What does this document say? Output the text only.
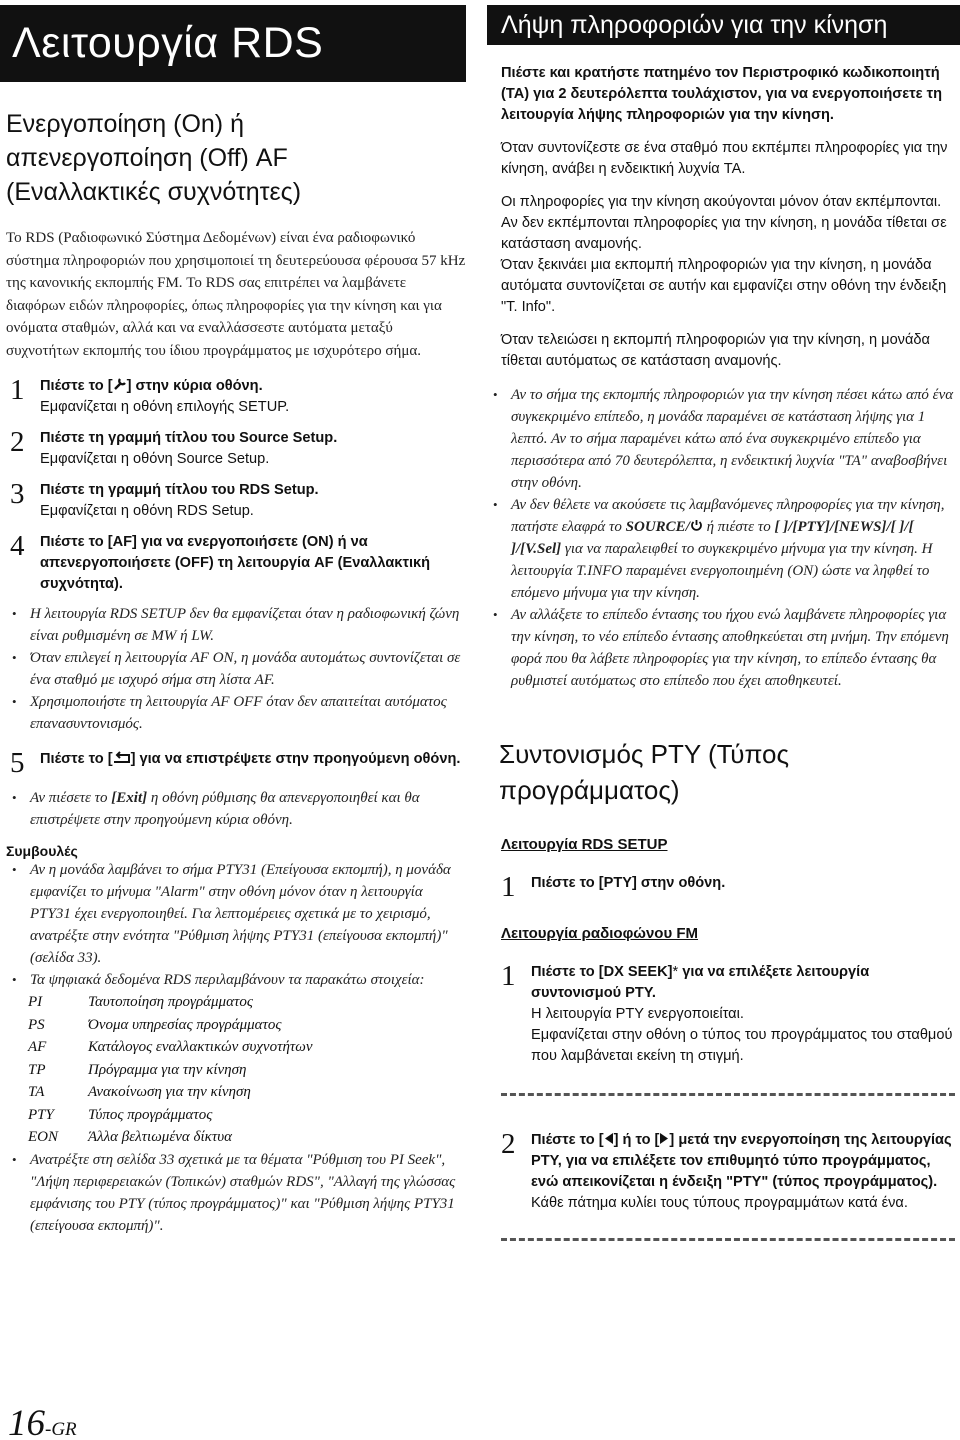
Λειτουργία RDS
Ενεργοποίηση (On) ή
απενεργοποίηση (Off) AF
(Εναλλακτικές συχνότητες)

Το RDS (Ραδιοφωνικό Σύστημα Δεδομένων) είναι ένα ραδιοφωνικό σύστημα πληροφοριών που χρησιμοποιεί τη δευτερεύουσα φέρουσα 57 kHz της κανονικής εκπομπής FM. Το RDS σας επιτρέπει να λαμβάνετε διαφόρων ειδών πληροφορίες, όπως πληροφορίες για την κίνηση και για ονόματα σταθμών, αλλά και να εναλλάσσεστε αυτόματα μεταξύ συχνοτήτων εκπομπής του ίδιου προγράμματος με ισχυρότερο σήμα.

1	Πιέστε το [ ] στην κύρια οθόνη.
Εμφανίζεται η οθόνη επιλογής SETUP.
2	Πιέστε τη γραμμή τίτλου του Source Setup.
Εμφανίζεται η οθόνη Source Setup.
3	Πιέστε τη γραμμή τίτλου του RDS Setup.
Εμφανίζεται η οθόνη RDS Setup.
4	Πιέστε το [AF] για να ενεργοποιήσετε (ON) ή να απενεργοποιήσετε (OFF) τη λειτουργία AF (Εναλλακτική συχνότητα).
• Η λειτουργία RDS SETUP δεν θα εμφανίζεται όταν η ραδιοφωνική ζώνη είναι ρυθμισμένη σε MW ή LW.
• Όταν επιλεγεί η λειτουργία AF ON, η μονάδα αυτομάτως συντονίζεται σε ένα σταθμό με ισχυρό σήμα στη λίστα AF.
• Χρησιμοποιήστε τη λειτουργία AF OFF όταν δεν απαιτείται αυτόματος επανασυντονισμός.
5	Πιέστε το [ ] για να επιστρέψετε στην προηγούμενη οθόνη.
• Αν πιέσετε το [Exit] η οθόνη ρύθμισης θα απενεργοποιηθεί και θα επιστρέψετε στην προηγούμενη κύρια οθόνη.
Συμβουλές
• Αν η μονάδα λαμβάνει το σήμα PTY31 (Επείγουσα εκπομπή), η μονάδα εμφανίζει το μήνυμα "Alarm" στην οθόνη μόνον όταν η λειτουργία PTY31 έχει ενεργοποιηθεί. Για λεπτομέρειες σχετικά με το χειρισμό, ανατρέξτε στην ενότητα "Ρύθμιση λήψης PTY31 (επείγουσα εκπομπή)" (σελίδα 33).
• Τα ψηφιακά δεδομένα RDS περιλαμβάνουν τα παρακάτω στοιχεία:
PI	Ταυτοποίηση προγράμματος
PS	Όνομα υπηρεσίας προγράμματος
AF	Κατάλογος εναλλακτικών συχνοτήτων
TP	Πρόγραμμα για την κίνηση
TA	Ανακοίνωση για την κίνηση
PTY	Τύπος προγράμματος
EON	Άλλα βελτιωμένα δίκτυα
• Ανατρέξτε στη σελίδα 33 σχετικά με τα θέματα "Ρύθμιση του PI Seek", "Λήψη περιφερειακών (Τοπικών) σταθμών RDS", "Αλλαγή της γλώσσας εμφάνισης του PTY (τύπος προγράμματος)" και "Ρύθμιση λήψης PTY31 (επείγουσα εκπομπή)".
Λήψη πληροφοριών για την κίνηση

Πιέστε και κρατήστε πατημένο τον Περιστροφικό κωδικοποιητή (TA) για 2 δευτερόλεπτα τουλάχιστον, για να ενεργοποιήσετε τη λειτουργία λήψης πληροφοριών για την κίνηση.

Όταν συντονίζεστε σε ένα σταθμό που εκπέμπει πληροφορίες για την κίνηση, ανάβει η ενδεικτική λυχνία TA.

Οι πληροφορίες για την κίνηση ακούγονται μόνον όταν εκπέμπονται. Αν δεν εκπέμπονται πληροφορίες για την κίνηση, η μονάδα τίθεται σε κατάσταση αναμονής.

Όταν ξεκινάει μια εκπομπή πληροφοριών για την κίνηση, η μονάδα αυτόματα συντονίζεται σε αυτήν και εμφανίζει στην οθόνη την ένδειξη "T. Info".

Όταν τελειώσει η εκπομπή πληροφοριών για την κίνηση, η μονάδα τίθεται αυτόματως σε κατάσταση αναμονής.

• Αν το σήμα της εκπομπής πληροφοριών για την κίνηση πέσει κάτω από ένα συγκεκριμένο επίπεδο, η μονάδα παραμένει σε κατάσταση λήψης για 1 λεπτό. Αν το σήμα παραμένει κάτω από ένα συγκεκριμένο επίπεδο για περισσότερα από 70 δευτερόλεπτα, η ενδεικτική λυχνία "TA" αναβοσβήνει στην οθόνη.
• Αν δεν θέλετε να ακούσετε τις λαμβανόμενες πληροφορίες για την κίνηση, πατήστε ελαφρά το SOURCE/ ή πιέστε το [ ]/[PTY]/[NEWS]/[ ]/[ ]/[V.Sel] για να παραλειφθεί το συγκεκριμένο μήνυμα για την κίνηση. Η λειτουργία T.INFO παραμένει ενεργοποιημένη (ON) ώστε να ληφθεί το επόμενο μήνυμα για την κίνηση.
• Αν αλλάξετε το επίπεδο έντασης του ήχου ενώ λαμβάνετε πληροφορίες για την κίνηση, το νέο επίπεδο έντασης αποθηκεύεται στη μνήμη. Την επόμενη φορά που θα λάβετε πληροφορίες για την κίνηση, το επίπεδο έντασης θα ρυθμιστεί αυτόματως στο επίπεδο που έχει αποθηκευτεί.
Συντονισμός PTY (Τύπος
προγράμματος)
Λειτουργία RDS SETUP
1	Πιέστε το [PTY] στην οθόνη.
Λειτουργία ραδιοφώνου FM
1	Πιέστε το [DX SEEK]* για να επιλέξετε λειτουργία συντονισμού PTY.
Η λειτουργία PTY ενεργοποιείται.
Εμφανίζεται στην οθόνη ο τύπος του προγράμματος του σταθμού που λαμβάνεται εκείνη τη στιγμή.
2	Πιέστε το [ ] ή το [ ] μετά την ενεργοποίηση της λειτουργίας PTY, για να επιλέξετε τον επιθυμητό τύπο προγράμματος, ενώ απεικονίζεται η ένδειξη "PTY" (τύπος προγράμματος).
Κάθε πάτημα κυλίει τους τύπους προγραμμάτων κατά ένα.
16-GR
